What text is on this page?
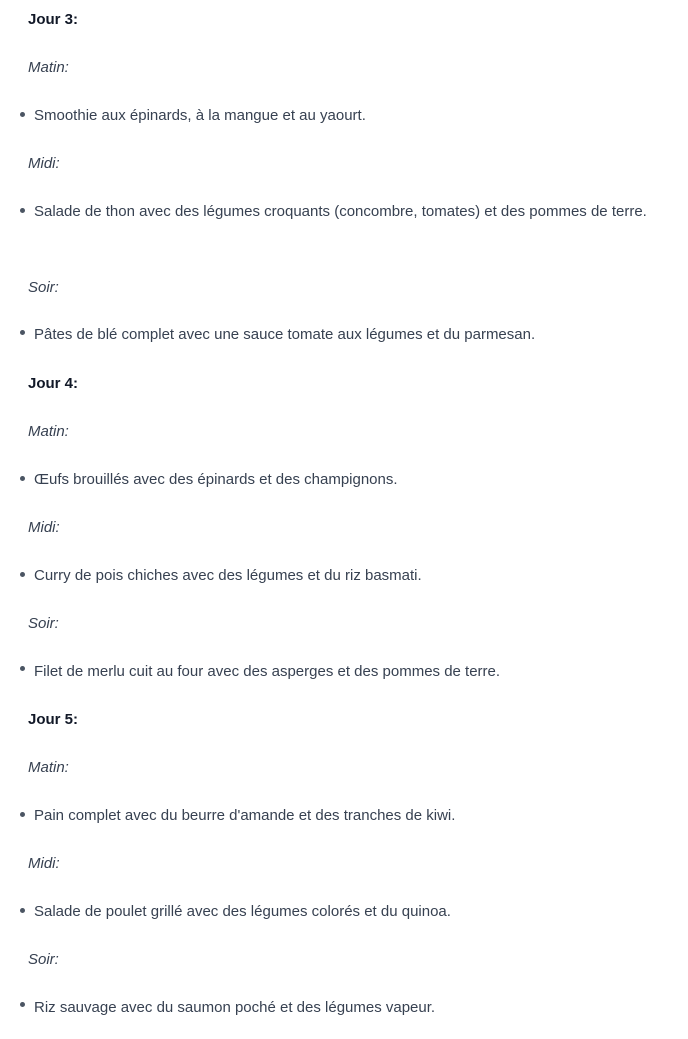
Jour 3:
Matin:
Smoothie aux épinards, à la mangue et au yaourt.
Midi:
Salade de thon avec des légumes croquants (concombre, tomates) et des pommes de terre.
Soir:
Pâtes de blé complet avec une sauce tomate aux légumes et du parmesan.
Jour 4:
Matin:
Œufs brouillés avec des épinards et des champignons.
Midi:
Curry de pois chiches avec des légumes et du riz basmati.
Soir:
Filet de merlu cuit au four avec des asperges et des pommes de terre.
Jour 5:
Matin:
Pain complet avec du beurre d'amande et des tranches de kiwi.
Midi:
Salade de poulet grillé avec des légumes colorés et du quinoa.
Soir:
Riz sauvage avec du saumon poché et des légumes vapeur.
